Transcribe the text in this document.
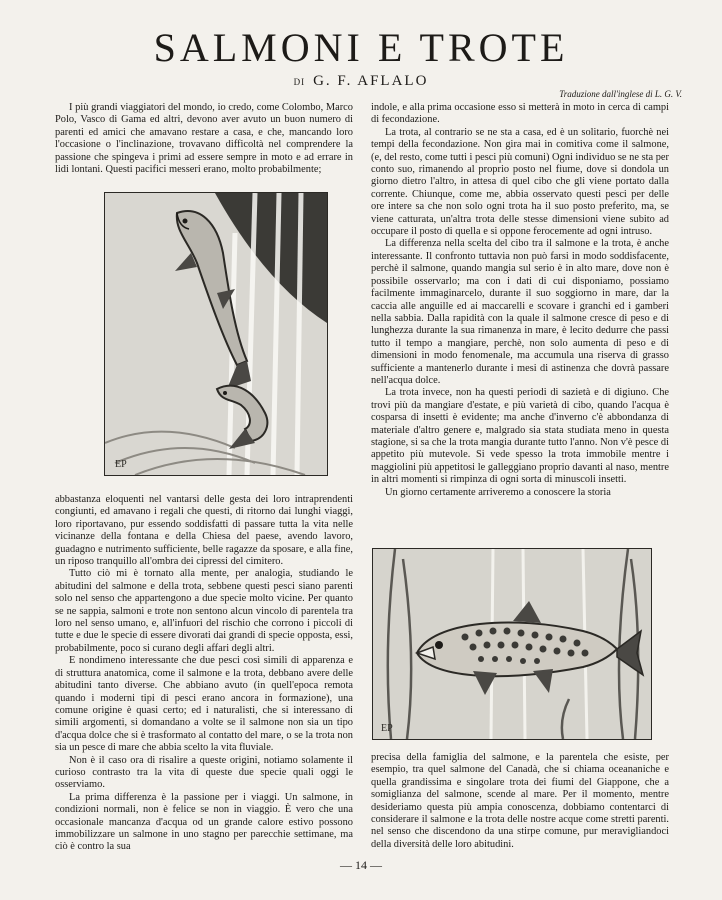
SALMONI E TROTE
DI G. F. AFLALO
Traduzione dall'inglese di L. G. V.

I più grandi viaggiatori del mondo, io credo, come Colombo, Marco Polo, Vasco di Gama ed altri, devono aver avuto un buon numero di parenti ed amici che amavano restare a casa, e che, mancando loro l'occasione o l'inclinazione, trovavano difficoltà nel comprendere la passione che spingeva i primi ad essere sempre in moto e ad errare in lidi lontani. Questi pacifici messeri erano, molto probabilmente;

EP

abbastanza eloquenti nel vantarsi delle gesta dei loro intraprendenti congiunti, ed amavano i regali che questi, di ritorno dai lunghi viaggi, loro riportavano, pur essendo soddisfatti di passare tutta la vita nelle vicinanze della fontana e della Chiesa del paese, avendo lavoro, guadagno e nutrimento sufficiente, belle ragazze da sposare, e alla fine, un riposo tranquillo all'ombra dei cipressi del cimitero.

Tutto ciò mi è tornato alla mente, per analogia, studiando le abitudini del salmone e della trota, sebbene questi pesci siano parenti solo nel senso che appartengono a due specie molto vicine. Per quanto se ne sappia, salmoni e trote non sentono alcun vincolo di parentela tra loro nel senso umano, e, all'infuori del rischio che corrono i piccoli di tutte e due le specie di essere divorati dai grandi di specie opposta, essi, probabilmente, poco si curano degli affari degli altri.

E nondimeno interessante che due pesci così simili di apparenza e di struttura anatomica, come il salmone e la trota, debbano avere delle abitudini tanto diverse. Che abbiano avuto (in quell'epoca remota quando i moderni tipi di pesci erano ancora in formazione), una comune origine è quasi certo; ed i naturalisti, che si interessano di simili argomenti, si domandano a volte se il salmone non sia un tipo d'acqua dolce che si è trasformato al contatto del mare, o se la trota non sia un pesce di mare che abbia scelto la vita fluviale.

Non è il caso ora di risalire a queste origini, notiamo solamente il curioso contrasto tra la vita di queste due specie quali oggi le osserviamo.

La prima differenza è la passione per i viaggi. Un salmone, in condizioni normali, non è felice se non in viaggio. È vero che una occasionale mancanza d'acqua od un grande calore estivo possono immobilizzare un salmone in uno stagno per parecchie settimane, ma ciò è contro la sua

indole, e alla prima occasione esso si metterà in moto in cerca di campi di fecondazione.

La trota, al contrario se ne sta a casa, ed è un solitario, fuorchè nei tempi della fecondazione. Non gira mai in comitiva come il salmone, (e, del resto, come tutti i pesci più comuni) Ogni individuo se ne sta per conto suo, rimanendo al proprio posto nel fiume, dove si dondola un giorno dietro l'altro, in attesa di quel cibo che gli viene portato dalla corrente. Chiunque, come me, abbia osservato questi pesci per delle ore intere sa che non solo ogni trota ha il suo posto preferito, ma, se viene catturata, un'altra trota delle stesse dimensioni viene subito ad occupare il posto di quella e si oppone ferocemente ad ogni intruso.

La differenza nella scelta del cibo tra il salmone e la trota, è anche interessante. Il confronto tuttavia non può farsi in modo soddisfacente, perchè il salmone, quando mangia sul serio è in alto mare, dove non è possibile osservarlo; ma con i dati di cui disponiamo, possiamo facilmente immaginarcelo, durante il suo soggiorno in mare, dar la caccia alle anguille ed ai maccarelli e scovare i granchi ed i gamberi nella sabbia. Dalla rapidità con la quale il salmone cresce di peso e di lunghezza durante la sua rimanenza in mare, è lecito dedurre che passi tutto il tempo a mangiare, perchè, non solo aumenta di peso e di dimensioni in modo fenomenale, ma accumula una riserva di grasso sufficiente a mantenerlo durante i mesi di astinenza che dovrà passare nell'acqua dolce.

La trota invece, non ha questi periodi di sazietà e di digiuno. Che trovi più da mangiare d'estate, e più varietà di cibo, quando l'acqua è cosparsa di insetti è evidente; ma anche d'inverno c'è abbondanza di materiale d'altro genere e, malgrado sia stata studiata meno in questa stagione, si sa che la trota mangia durante tutto l'anno. Non v'è pesce di appetito più mutevole. Si vede spesso la trota immobile mentre i maggiolini più appetitosi le galleggiano proprio davanti al naso, mentre in altri momenti si rimpinza di ogni sorta di minuscoli insetti.

Un giorno certamente arriveremo a conoscere la storia

EP

precisa della famiglia del salmone, e la parentela che esiste, per esempio, tra quel salmone del Canadà, che si chiama oceananiche e quella grandissima e singolare trota dei fiumi del Giappone, che a somiglianza del salmone, scende al mare. Per il momento, mentre desideriamo questa più ampia conoscenza, dobbiamo contentarci di considerare il salmone e la trota delle nostre acque come stretti parenti. nel senso che discendono da una stirpe comune, pur meravigliandoci della diversità delle loro abitudini.

— 14 —
